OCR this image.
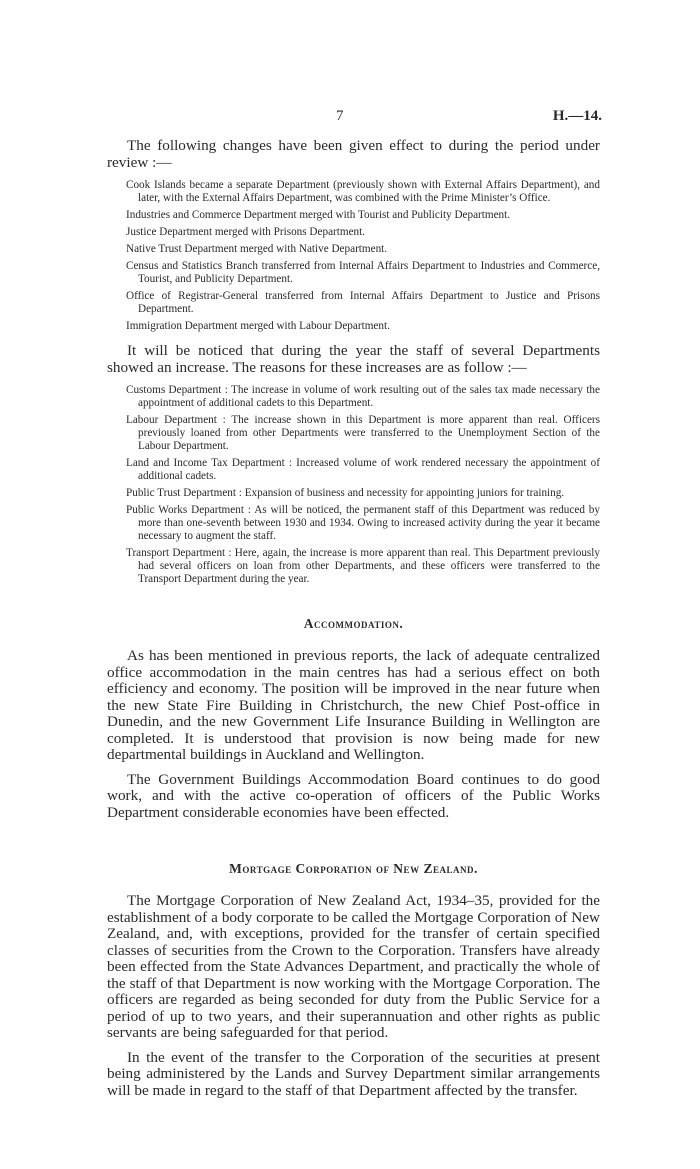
7	H.—14.

The following changes have been given effect to during the period under review :—

Cook Islands became a separate Department (previously shown with External Affairs Department), and later, with the External Affairs Department, was combined with the Prime Minister’s Office.

Industries and Commerce Department merged with Tourist and Publicity Department.

Justice Department merged with Prisons Department.

Native Trust Department merged with Native Department.

Census and Statistics Branch transferred from Internal Affairs Department to Industries and Commerce, Tourist, and Publicity Department.

Office of Registrar-General transferred from Internal Affairs Department to Justice and Prisons Department.

Immigration Department merged with Labour Department.

It will be noticed that during the year the staff of several Departments showed an increase. The reasons for these increases are as follow :—

Customs Department : The increase in volume of work resulting out of the sales tax made necessary the appointment of additional cadets to this Department.

Labour Department : The increase shown in this Department is more apparent than real. Officers previously loaned from other Departments were transferred to the Unemployment Section of the Labour Department.

Land and Income Tax Department : Increased volume of work rendered necessary the appointment of additional cadets.

Public Trust Department : Expansion of business and necessity for appointing juniors for training.

Public Works Department : As will be noticed, the permanent staff of this Department was reduced by more than one-seventh between 1930 and 1934. Owing to increased activity during the year it became necessary to augment the staff.

Transport Department : Here, again, the increase is more apparent than real. This Department previously had several officers on loan from other Departments, and these officers were transferred to the Transport Department during the year.

Accommodation.

As has been mentioned in previous reports, the lack of adequate centralized office accommodation in the main centres has had a serious effect on both efficiency and economy. The position will be improved in the near future when the new State Fire Building in Christchurch, the new Chief Post-office in Dunedin, and the new Government Life Insurance Building in Wellington are completed. It is understood that provision is now being made for new departmental buildings in Auckland and Wellington.

The Government Buildings Accommodation Board continues to do good work, and with the active co-operation of officers of the Public Works Department considerable economies have been effected.

Mortgage Corporation of New Zealand.

The Mortgage Corporation of New Zealand Act, 1934–35, provided for the establishment of a body corporate to be called the Mortgage Corporation of New Zealand, and, with exceptions, provided for the transfer of certain specified classes of securities from the Crown to the Corporation. Transfers have already been effected from the State Advances Department, and practically the whole of the staff of that Department is now working with the Mortgage Corporation. The officers are regarded as being seconded for duty from the Public Service for a period of up to two years, and their superannuation and other rights as public servants are being safeguarded for that period.

In the event of the transfer to the Corporation of the securities at present being administered by the Lands and Survey Department similar arrangements will be made in regard to the staff of that Department affected by the transfer.
